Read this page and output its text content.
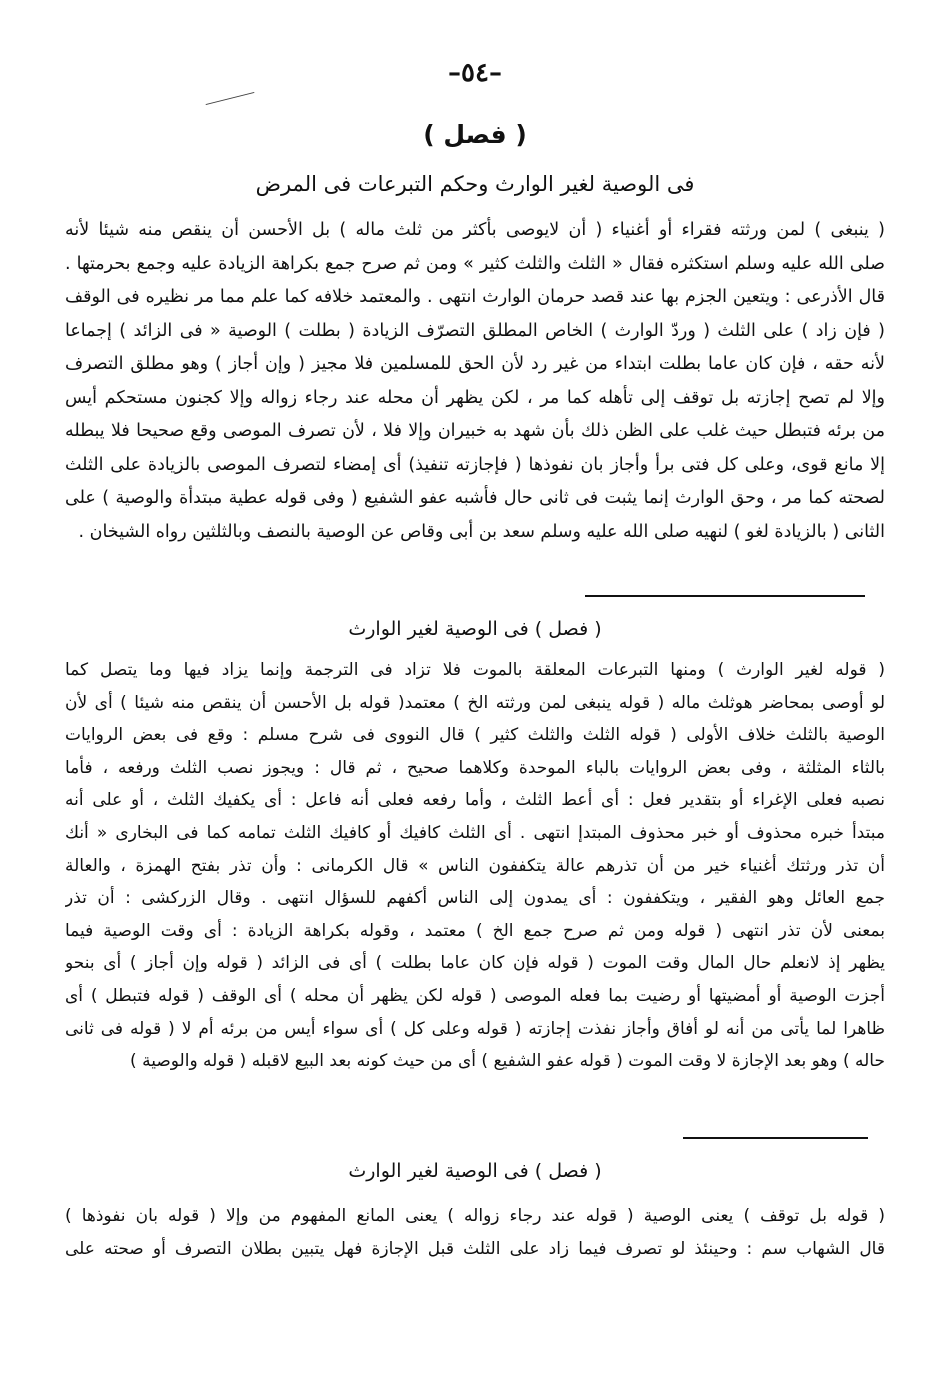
–٥٤–
( فصل )
فى الوصية لغير الوارث وحكم التبرعات فى المرض
( ينبغى ) لمن ورثته فقراء أو أغنياء ( أن لايوصى بأكثر من ثلث ماله ) بل الأحسن أن ينقص منه شيئا لأنه
صلى الله عليه وسلم استكثره فقال « الثلث والثلث كثير » ومن ثم صرح جمع بكراهة الزيادة عليه وجمع بحرمتها .
قال الأذرعى : ويتعين الجزم بها عند قصد حرمان الوارث انتهى . والمعتمد خلافه كما علم مما مر نظيره فى الوقف
( فإن زاد ) على الثلث ( وردّ الوارث ) الخاص المطلق التصرّف الزيادة ( بطلت ) الوصية « فى الزائد ) إجماعا
لأنه حقه ، فإن كان عاما بطلت ابتداء من غير رد لأن الحق للمسلمين فلا مجيز ( وإن أجاز ) وهو مطلق التصرف
وإلا لم تصح إجازته بل توقف إلى تأهله كما مر ، لكن يظهر أن محله عند رجاء زواله وإلا كجنون مستحكم أيس
من برئه فتبطل حيث غلب على الظن ذلك بأن شهد به خبيران وإلا فلا ، لأن تصرف الموصى وقع صحيحا فلا يبطله
إلا مانع قوى، وعلى كل فتى برأ وأجاز بان نفوذها ( فإجازته تنفيذ) أى إمضاء لتصرف الموصى بالزيادة على الثلث
لصحته كما مر ، وحق الوارث إنما يثبت فى ثانى حال فأشبه عفو الشفيع ( وفى قوله عطية مبتدأة والوصية ) على
الثانى ( بالزيادة لغو ) لنهيه صلى الله عليه وسلم سعد بن أبى وقاص عن الوصية بالنصف وبالثلثين رواه الشيخان .
( فصل ) فى الوصية لغير الوارث
( قوله لغير الوارث ) ومنها التبرعات المعلقة بالموت فلا تزاد فى الترجمة وإنما يزاد فيها وما يتصل كما
لو أوصى بمحاضر هوثلث ماله ( قوله ينبغى لمن ورثته الخ ) معتمد( قوله بل الأحسن أن ينقص منه شيئا ) أى لأن
الوصية بالثلث خلاف الأولى ( قوله الثلث والثلث كثير ) قال النووى فى شرح مسلم : وقع فى بعض الروايات
بالثاء المثلثة ، وفى بعض الروايات بالباء الموحدة وكلاهما صحيح ، ثم قال : ويجوز نصب الثلث ورفعه ، فأما
نصبه فعلى الإغراء أو بتقدير فعل : أى أعط الثلث ، وأما رفعه فعلى أنه فاعل : أى يكفيك الثلث ، أو على أنه
مبتدأ خبره محذوف أو خبر محذوف المبتدإ انتهى . أى الثلث كافيك أو كافيك الثلث تمامه كما فى البخارى « أنك
أن تذر ورثتك أغنياء خير من أن تذرهم عالة يتكففون الناس » قال الكرمانى : وأن تذر بفتح الهمزة ، والعالة
جمع العائل وهو الفقير ، ويتكففون : أى يمدون إلى الناس أكفهم للسؤال انتهى . وقال الزركشى : أن تذر
بمعنى لأن تذر انتهى ( قوله ومن ثم صرح جمع الخ ) معتمد ، وقوله بكراهة الزيادة : أى وقت الوصية فيما
يظهر إذ لانعلم حال المال وقت الموت ( قوله فإن كان عاما بطلت ) أى فى الزائد ( قوله وإن أجاز ) أى بنحو
أجزت الوصية أو أمضيتها أو رضيت بما فعله الموصى ( قوله لكن يظهر أن محله ) أى الوقف ( قوله فتبطل ) أى
ظاهرا لما يأتى من أنه لو أفاق وأجاز نفذت إجازته ( قوله وعلى كل ) أى سواء أيس من برئه أم لا ( قوله فى ثانى
حاله ) وهو بعد الإجازة لا وقت الموت ( قوله عفو الشفيع ) أى من حيث كونه بعد البيع لاقبله ( قوله والوصية )
( فصل ) فى الوصية لغير الوارث
( قوله بل توقف ) يعنى الوصية ( قوله عند رجاء زواله ) يعنى المانع المفهوم من وإلا ( قوله بان نفوذها )
قال الشهاب سم : وحينئذ لو تصرف فيما زاد على الثلث قبل الإجازة فهل يتبين بطلان التصرف أو صحته على
